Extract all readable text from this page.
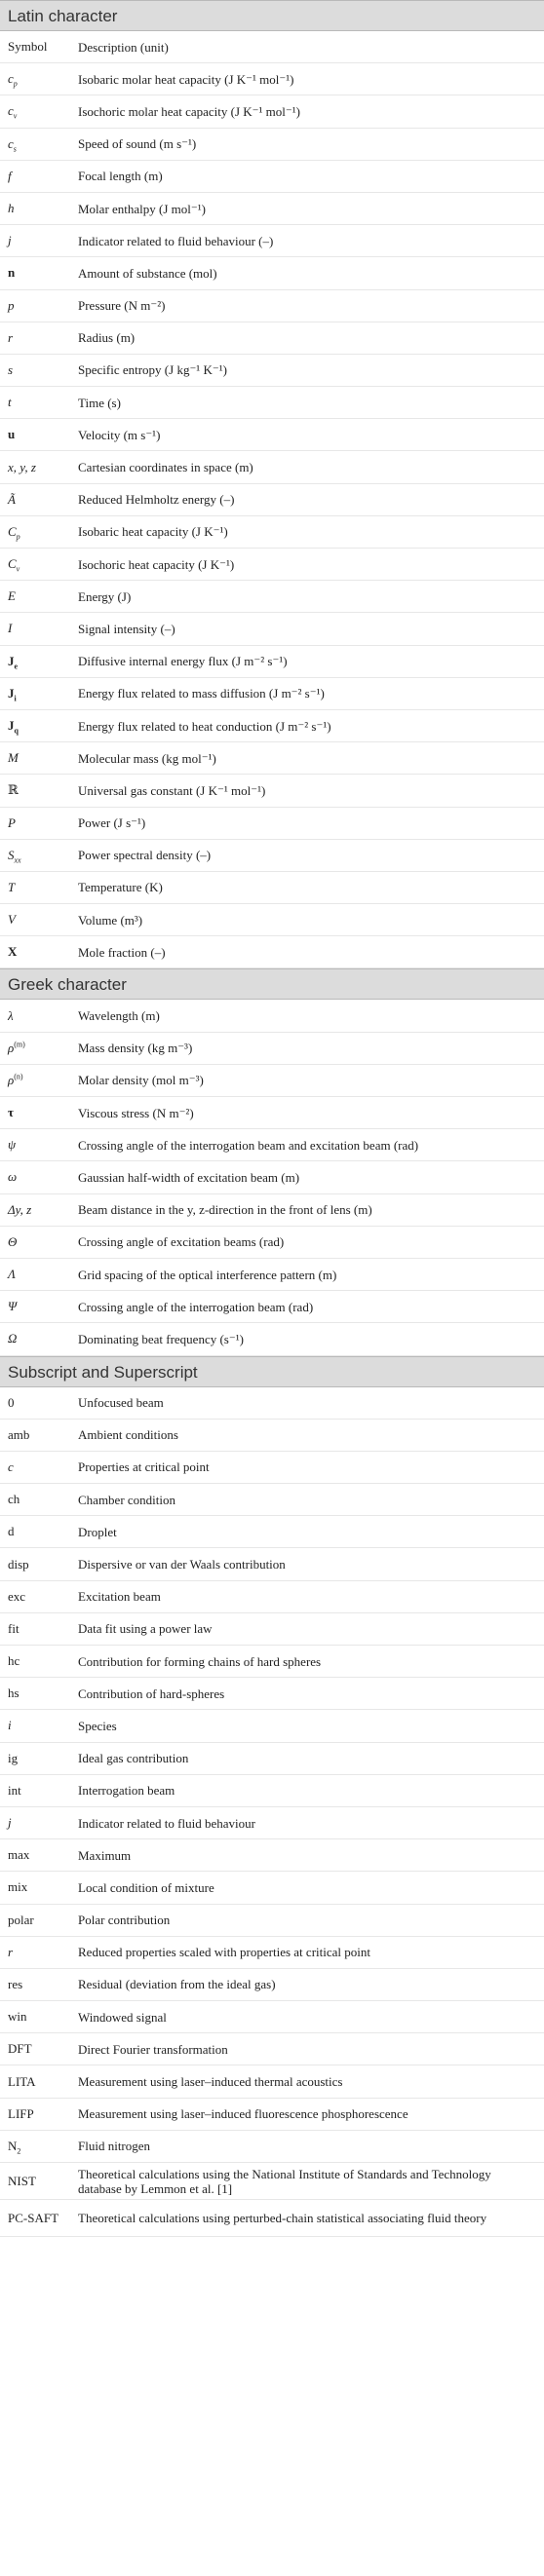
Latin character
Symbol	Description (unit)
$c_p$	Isobaric molar heat capacity (J K⁻¹ mol⁻¹)
$c_v$	Isochoric molar heat capacity (J K⁻¹ mol⁻¹)
$c_s$	Speed of sound (m s⁻¹)
f	Focal length (m)
h	Molar enthalpy (J mol⁻¹)
j	Indicator related to fluid behaviour (–)
n	Amount of substance (mol)
p	Pressure (N m⁻²)
r	Radius (m)
s	Specific entropy (J kg⁻¹ K⁻¹)
t	Time (s)
u	Velocity (m s⁻¹)
x, y, z	Cartesian coordinates in space (m)
Ã	Reduced Helmholtz energy (–)
$C_p$	Isobaric heat capacity (J K⁻¹)
$C_v$	Isochoric heat capacity (J K⁻¹)
E	Energy (J)
I	Signal intensity (–)
$J_e$	Diffusive internal energy flux (J m⁻² s⁻¹)
$J_i$	Energy flux related to mass diffusion (J m⁻² s⁻¹)
$J_q$	Energy flux related to heat conduction (J m⁻² s⁻¹)
M	Molecular mass (kg mol⁻¹)
ℝ	Universal gas constant (J K⁻¹ mol⁻¹)
P	Power (J s⁻¹)
$S_{xx}$	Power spectral density (–)
T	Temperature (K)
V	Volume (m³)
X	Mole fraction (–)
Greek character
λ	Wavelength (m)
$\rho^{(m)}$	Mass density (kg m⁻³)
$\rho^{(n)}$	Molar density (mol m⁻³)
τ	Viscous stress (N m⁻²)
ψ	Crossing angle of the interrogation beam and excitation beam (rad)
ω	Gaussian half-width of excitation beam (m)
Δy, z	Beam distance in the y, z-direction in the front of lens (m)
Θ	Crossing angle of excitation beams (rad)
Λ	Grid spacing of the optical interference pattern (m)
Ψ	Crossing angle of the interrogation beam (rad)
Ω	Dominating beat frequency (s⁻¹)
Subscript and Superscript
0	Unfocused beam
amb	Ambient conditions
c	Properties at critical point
ch	Chamber condition
d	Droplet
disp	Dispersive or van der Waals contribution
exc	Excitation beam
fit	Data fit using a power law
hc	Contribution for forming chains of hard spheres
hs	Contribution of hard-spheres
i	Species
ig	Ideal gas contribution
int	Interrogation beam
j	Indicator related to fluid behaviour
max	Maximum
mix	Local condition of mixture
polar	Polar contribution
r	Reduced properties scaled with properties at critical point
res	Residual (deviation from the ideal gas)
win	Windowed signal
DFT	Direct Fourier transformation
LITA	Measurement using laser–induced thermal acoustics
LIFP	Measurement using laser–induced fluorescence phosphorescence
$N_2$	Fluid nitrogen
NIST	Theoretical calculations using the National Institute of Standards and Technology database by Lemmon et al. [1]
PC-SAFT	Theoretical calculations using perturbed-chain statistical associating fluid theory
